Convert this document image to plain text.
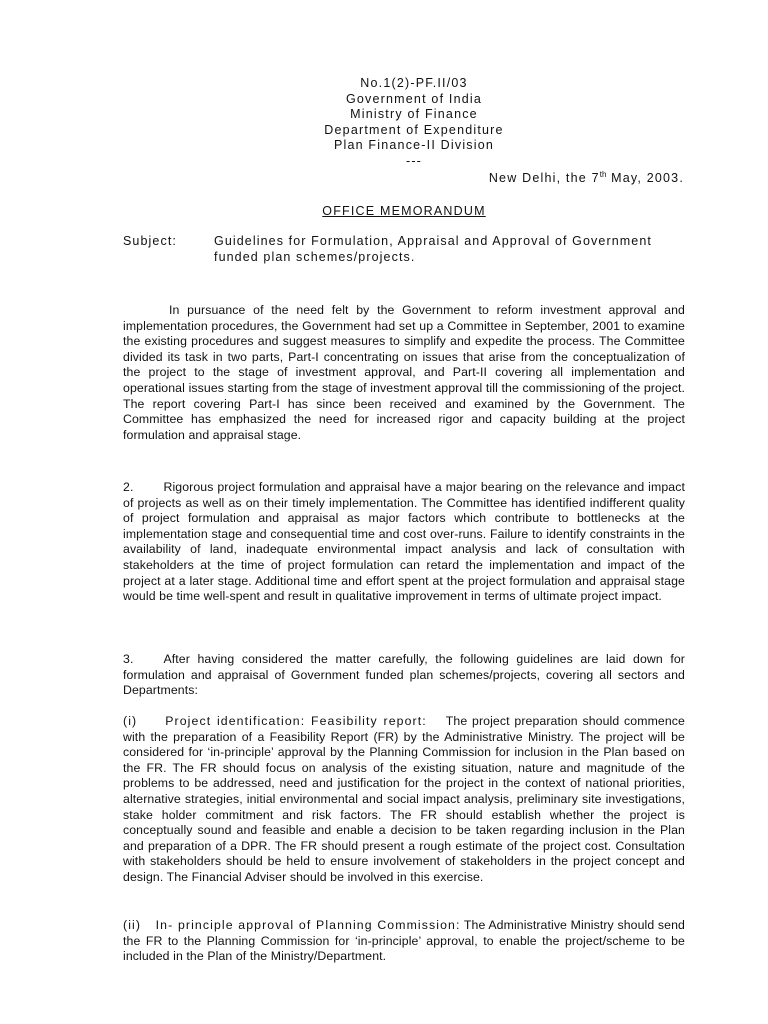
No.1(2)-PF.II/03
Government of India
Ministry of Finance
Department of Expenditure
Plan Finance-II Division
---
New Delhi, the 7th May, 2003.
OFFICE MEMORANDUM
Subject:	Guidelines for Formulation, Appraisal and Approval of Government funded plan schemes/projects.

In pursuance of the need felt by the Government to reform investment approval and implementation procedures, the Government had set up a Committee in September, 2001 to examine the existing procedures and suggest measures to simplify and expedite the process. The Committee divided its task in two parts, Part-I concentrating on issues that arise from the conceptualization of the project to the stage of investment approval, and Part-II covering all implementation and operational issues starting from the stage of investment approval till the commissioning of the project. The report covering Part-I has since been received and examined by the Government. The Committee has emphasized the need for increased rigor and capacity building at the project formulation and appraisal stage.

2. Rigorous project formulation and appraisal have a major bearing on the relevance and impact of projects as well as on their timely implementation. The Committee has identified indifferent quality of project formulation and appraisal as major factors which contribute to bottlenecks at the implementation stage and consequential time and cost over-runs. Failure to identify constraints in the availability of land, inadequate environmental impact analysis and lack of consultation with stakeholders at the time of project formulation can retard the implementation and impact of the project at a later stage. Additional time and effort spent at the project formulation and appraisal stage would be time well-spent and result in qualitative improvement in terms of ultimate project impact.

3. After having considered the matter carefully, the following guidelines are laid down for formulation and appraisal of Government funded plan schemes/projects, covering all sectors and Departments:

(i) Project identification: Feasibility report: The project preparation should commence with the preparation of a Feasibility Report (FR) by the Administrative Ministry. The project will be considered for ‘in-principle’ approval by the Planning Commission for inclusion in the Plan based on the FR. The FR should focus on analysis of the existing situation, nature and magnitude of the problems to be addressed, need and justification for the project in the context of national priorities, alternative strategies, initial environmental and social impact analysis, preliminary site investigations, stake holder commitment and risk factors. The FR should establish whether the project is conceptually sound and feasible and enable a decision to be taken regarding inclusion in the Plan and preparation of a DPR. The FR should present a rough estimate of the project cost. Consultation with stakeholders should be held to ensure involvement of stakeholders in the project concept and design. The Financial Adviser should be involved in this exercise.

(ii) In- principle approval of Planning Commission: The Administrative Ministry should send the FR to the Planning Commission for ‘in-principle’ approval, to enable the project/scheme to be included in the Plan of the Ministry/Department.
